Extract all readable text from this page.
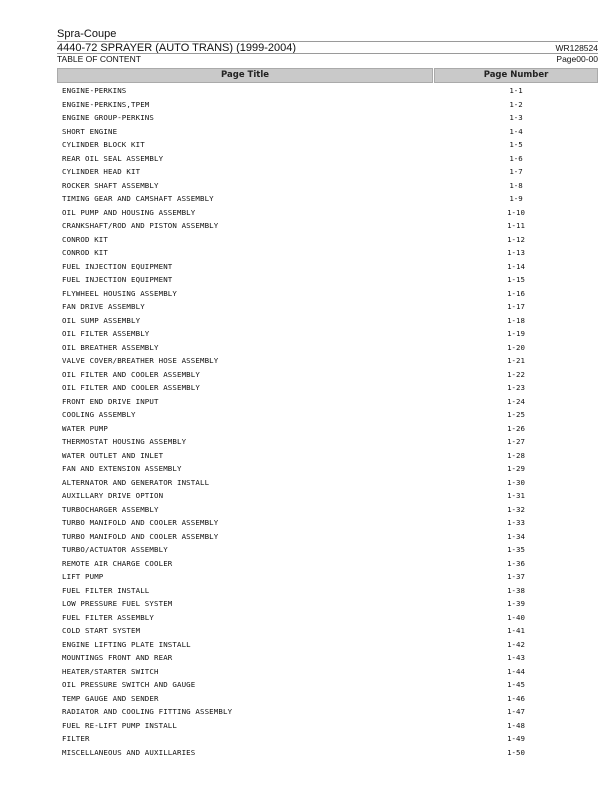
Spra-Coupe
4440-72 SPRAYER (AUTO TRANS) (1999-2004)	WR128524
TABLE OF CONTENT	Page00-00
Page Title	Page Number
ENGINE-PERKINS	1-1
ENGINE-PERKINS,TPEM	1-2
ENGINE GROUP-PERKINS	1-3
SHORT ENGINE	1-4
CYLINDER BLOCK KIT	1-5
REAR OIL SEAL ASSEMBLY	1-6
CYLINDER HEAD KIT	1-7
ROCKER SHAFT ASSEMBLY	1-8
TIMING GEAR AND CAMSHAFT ASSEMBLY	1-9
OIL PUMP AND HOUSING ASSEMBLY	1-10
CRANKSHAFT/ROD AND PISTON ASSEMBLY	1-11
CONROD KIT	1-12
CONROD KIT	1-13
FUEL INJECTION EQUIPMENT	1-14
FUEL INJECTION EQUIPMENT	1-15
FLYWHEEL HOUSING ASSEMBLY	1-16
FAN DRIVE ASSEMBLY	1-17
OIL SUMP ASSEMBLY	1-18
OIL FILTER ASSEMBLY	1-19
OIL BREATHER ASSEMBLY	1-20
VALVE COVER/BREATHER HOSE ASSEMBLY	1-21
OIL FILTER AND COOLER ASSEMBLY	1-22
OIL FILTER AND COOLER ASSEMBLY	1-23
FRONT END DRIVE INPUT	1-24
COOLING ASSEMBLY	1-25
WATER PUMP	1-26
THERMOSTAT HOUSING ASSEMBLY	1-27
WATER OUTLET AND INLET	1-28
FAN AND EXTENSION ASSEMBLY	1-29
ALTERNATOR AND GENERATOR INSTALL	1-30
AUXILLARY DRIVE OPTION	1-31
TURBOCHARGER ASSEMBLY	1-32
TURBO MANIFOLD AND COOLER ASSEMBLY	1-33
TURBO MANIFOLD AND COOLER ASSEMBLY	1-34
TURBO/ACTUATOR ASSEMBLY	1-35
REMOTE AIR CHARGE COOLER	1-36
LIFT PUMP	1-37
FUEL FILTER INSTALL	1-38
LOW PRESSURE FUEL SYSTEM	1-39
FUEL FILTER ASSEMBLY	1-40
COLD START SYSTEM	1-41
ENGINE LIFTING PLATE INSTALL	1-42
MOUNTINGS FRONT AND REAR	1-43
HEATER/STARTER SWITCH	1-44
OIL PRESSURE SWITCH AND GAUGE	1-45
TEMP GAUGE AND SENDER	1-46
RADIATOR AND COOLING FITTING ASSEMBLY	1-47
FUEL RE-LIFT PUMP INSTALL	1-48
FILTER	1-49
MISCELLANEOUS AND AUXILLARIES	1-50
